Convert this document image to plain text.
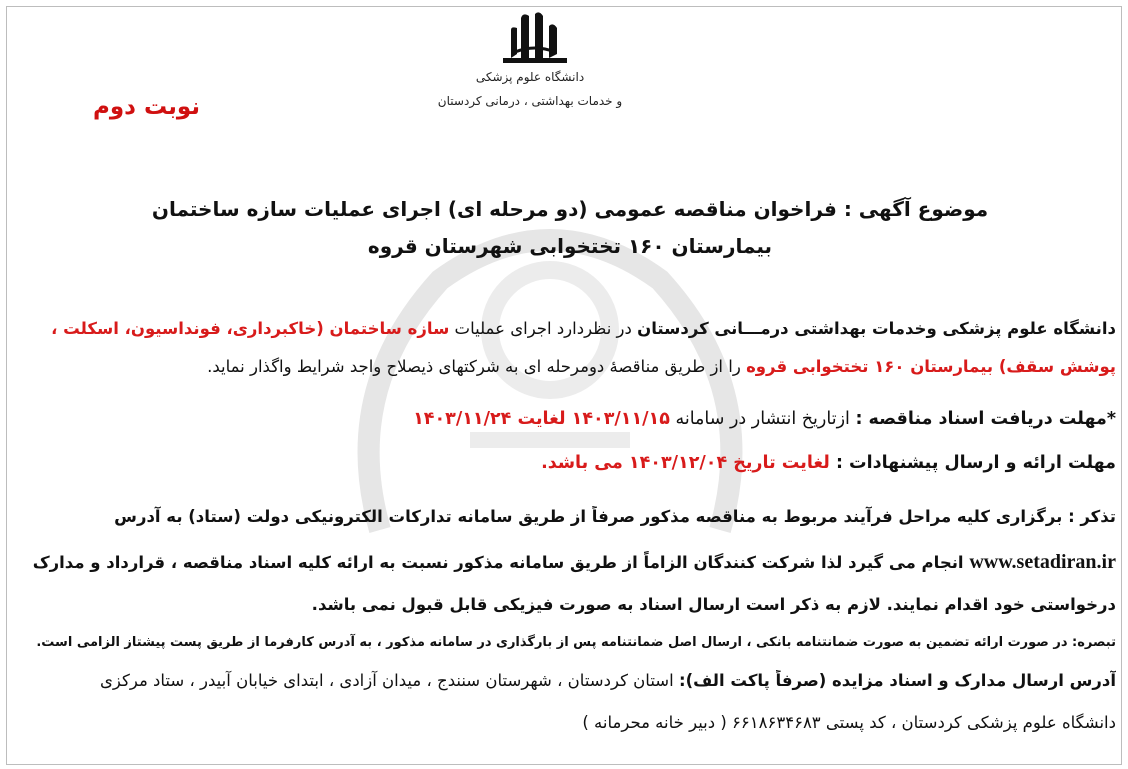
دانشگاه علوم پزشکی
و خدمات بهداشتی ، درمانی کردستان
نوبت دوم
موضوع آگهی : فراخوان مناقصه عمومی (دو مرحله ای) اجرای عملیات سازه ساختمان
بیمارستان ۱۶۰ تختخوابی شهرستان قروه
دانشگاه علوم پزشکی وخدمات بهداشتی درمـــانی کردستان در نظردارد اجرای عملیات سازه ساختمان (خاکبرداری، فونداسیون، اسکلت ،
پوشش سقف) بیمارستان ۱۶۰ تختخوابی قروه را از طریق مناقصهٔ دومرحله ای به شرکتهای ذیصلاح واجد شرایط واگذار نماید.
*مهلت دریافت اسناد مناقصه : ازتاریخ انتشار در سامانه ۱۴۰۳/۱۱/۱۵ لغایت ۱۴۰۳/۱۱/۲۴
مهلت ارائه و ارسال پیشنهادات : لغایت تاریخ ۱۴۰۳/۱۲/۰۴ می باشد.
تذکر : برگزاری کلیه مراحل فرآیند مربوط به مناقصه مذکور صرفاً از طریق سامانه تدارکات الکترونیکی دولت (ستاد) به آدرس
www.setadiran.ir انجام می گیرد لذا شرکت کنندگان الزاماً از طریق سامانه مذکور نسبت به ارائه کلیه اسناد مناقصه ، قرارداد و مدارک
درخواستی خود اقدام نمایند. لازم به ذکر است ارسال اسناد به صورت فیزیکی قابل قبول نمی باشد.
تبصره: در صورت ارائه تضمین به صورت ضمانتنامه بانکی ، ارسال اصل ضمانتنامه پس از بارگذاری در سامانه مذکور ، به آدرس کارفرما از طریق پست پیشتاز الزامی است.
آدرس ارسال مدارک و اسناد مزایده (صرفاً پاکت الف): استان کردستان ، شهرستان سنندج ، میدان آزادی ، ابتدای خیابان آبیدر ، ستاد مرکزی
دانشگاه علوم پزشکی کردستان ، کد پستی ۶۶۱۸۶۳۴۶۸۳ ( دبیر خانه محرمانه )
